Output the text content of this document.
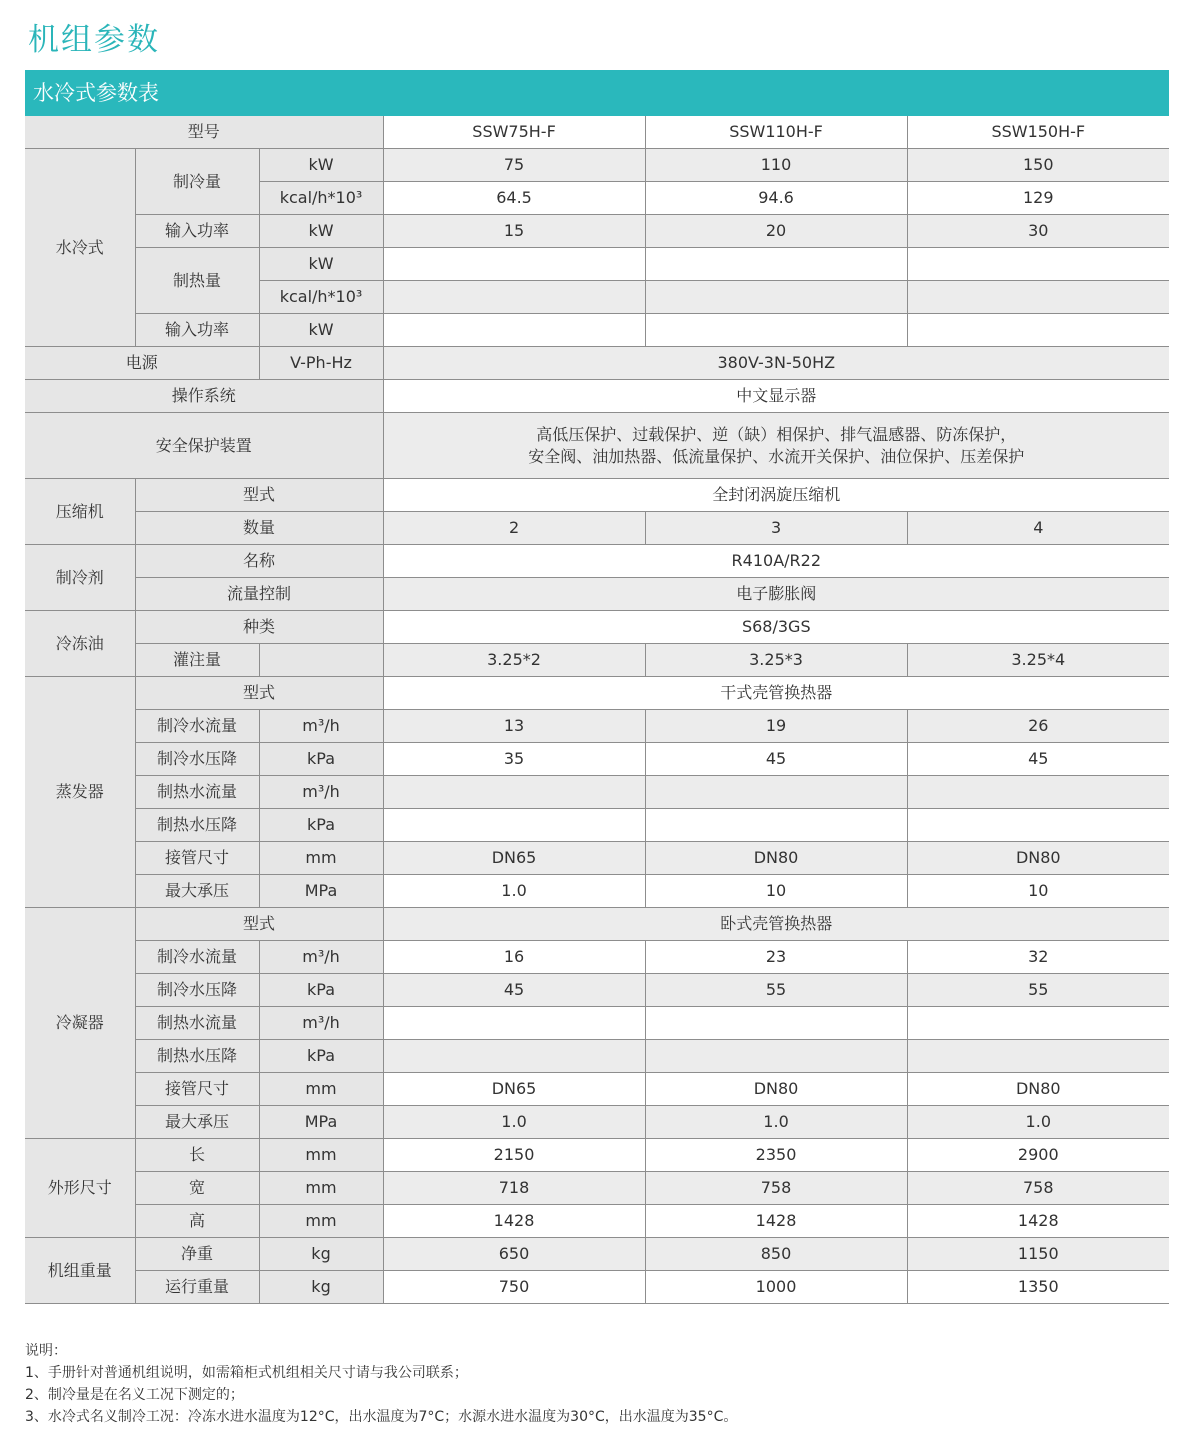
机组参数
水冷式参数表
型号			SSW75H-F	SSW110H-F	SSW150H-F
水冷式	制冷量	kW	75	110	150
		kcal/h*10³	64.5	94.6	129
	输入功率	kW	15	20	30
	制热量	kW			
		kcal/h*10³			
	输入功率	kW			
电源		V-Ph-Hz	380V-3N-50HZ		
操作系统			中文显示器		
安全保护装置			高低压保护、过载保护、逆（缺）相保护、排气温感器、防冻保护，
安全阀、油加热器、低流量保护、水流开关保护、油位保护、压差保护		

压缩机	型式		全封闭涡旋压缩机		
	数量		2	3	4
制冷剂	名称		R410A/R22		
	流量控制		电子膨胀阀		
冷冻油	种类		S68/3GS		
	灌注量		3.25*2	3.25*3	3.25*4
蒸发器	型式		干式壳管换热器		
	制冷水流量	m³/h	13	19	26
	制冷水压降	kPa	35	45	45
	制热水流量	m³/h			
	制热水压降	kPa			
	接管尺寸	mm	DN65	DN80	DN80
	最大承压	MPa	1.0	10	10
冷凝器	型式		卧式壳管换热器		
	制冷水流量	m³/h	16	23	32
	制冷水压降	kPa	45	55	55
	制热水流量	m³/h			
	制热水压降	kPa			
	接管尺寸	mm	DN65	DN80	DN80
	最大承压	MPa	1.0	1.0	1.0
外形尺寸	长	mm	2150	2350	2900
	宽	mm	718	758	758
	高	mm	1428	1428	1428
机组重量	净重	kg	650	850	1150
	运行重量	kg	750	1000	1350
说明：
1、手册针对普通机组说明，如需箱柜式机组相关尺寸请与我公司联系；
2、制冷量是在名义工况下测定的；
3、水冷式名义制冷工况：冷冻水进水温度为12°C，出水温度为7°C；水源水进水温度为30°C，出水温度为35°C。
